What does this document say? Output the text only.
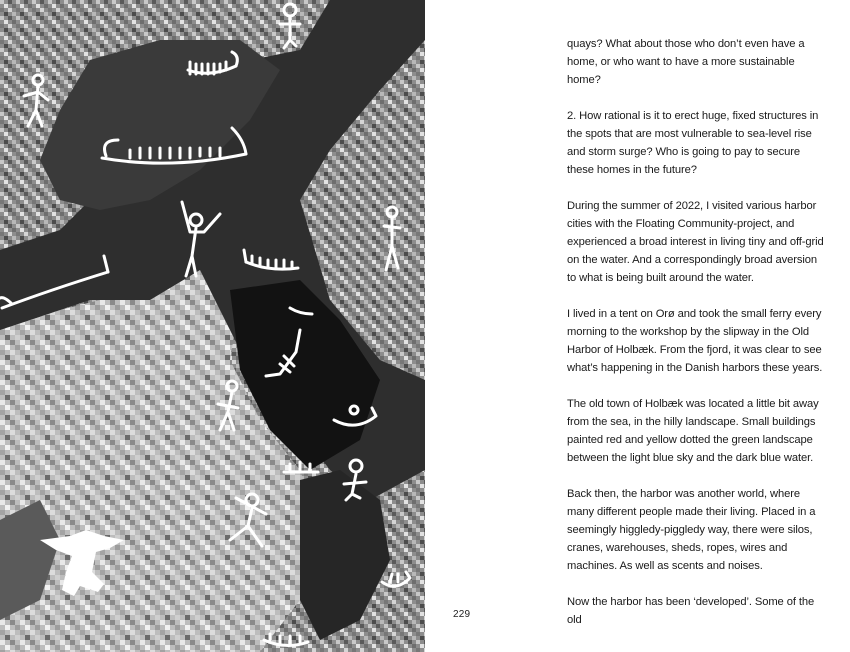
229

quays? What about those who don’t even have a home, or who want to have a more sustainable home?

2. How rational is it to erect huge, fixed structures in the spots that are most vulnerable to sea-level rise and storm surge? Who is going to pay to secure these homes in the future?

During the summer of 2022, I visited various harbor cities with the Floating Community-project, and experienced a broad interest in living tiny and off-grid on the water. And a correspondingly broad aversion to what is being built around the water.

I lived in a tent on Orø and took the small ferry every morning to the workshop by the slipway in the Old Harbor of Holbæk. From the fjord, it was clear to see what’s happening in the Danish harbors these years.

The old town of Holbæk was located a little bit away from the sea, in the hilly landscape. Small buildings painted red and yellow dotted the green landscape between the light blue sky and the dark blue water.

Back then, the harbor was another world, where many different people made their living. Placed in a seemingly higgledy-piggledy way, there were silos, cranes, warehouses, sheds, ropes, wires and machines. As well as scents and noises.

Now the harbor has been ‘developed’. Some of the old
